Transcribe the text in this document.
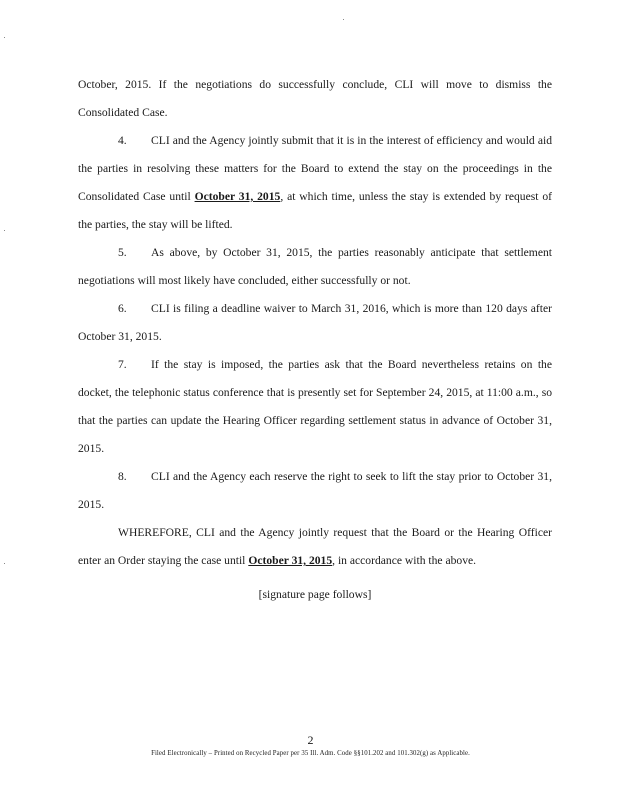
October, 2015. If the negotiations do successfully conclude, CLI will move to dismiss the Consolidated Case.

4. CLI and the Agency jointly submit that it is in the interest of efficiency and would aid the parties in resolving these matters for the Board to extend the stay on the proceedings in the Consolidated Case until October 31, 2015, at which time, unless the stay is extended by request of the parties, the stay will be lifted.

5. As above, by October 31, 2015, the parties reasonably anticipate that settlement negotiations will most likely have concluded, either successfully or not.

6. CLI is filing a deadline waiver to March 31, 2016, which is more than 120 days after October 31, 2015.

7. If the stay is imposed, the parties ask that the Board nevertheless retains on the docket, the telephonic status conference that is presently set for September 24, 2015, at 11:00 a.m., so that the parties can update the Hearing Officer regarding settlement status in advance of October 31, 2015.

8. CLI and the Agency each reserve the right to seek to lift the stay prior to October 31, 2015.

WHEREFORE, CLI and the Agency jointly request that the Board or the Hearing Officer enter an Order staying the case until October 31, 2015, in accordance with the above.

[signature page follows]

2
Filed Electronically – Printed on Recycled Paper per 35 Ill. Adm. Code §§101.202 and 101.302(g) as Applicable.
